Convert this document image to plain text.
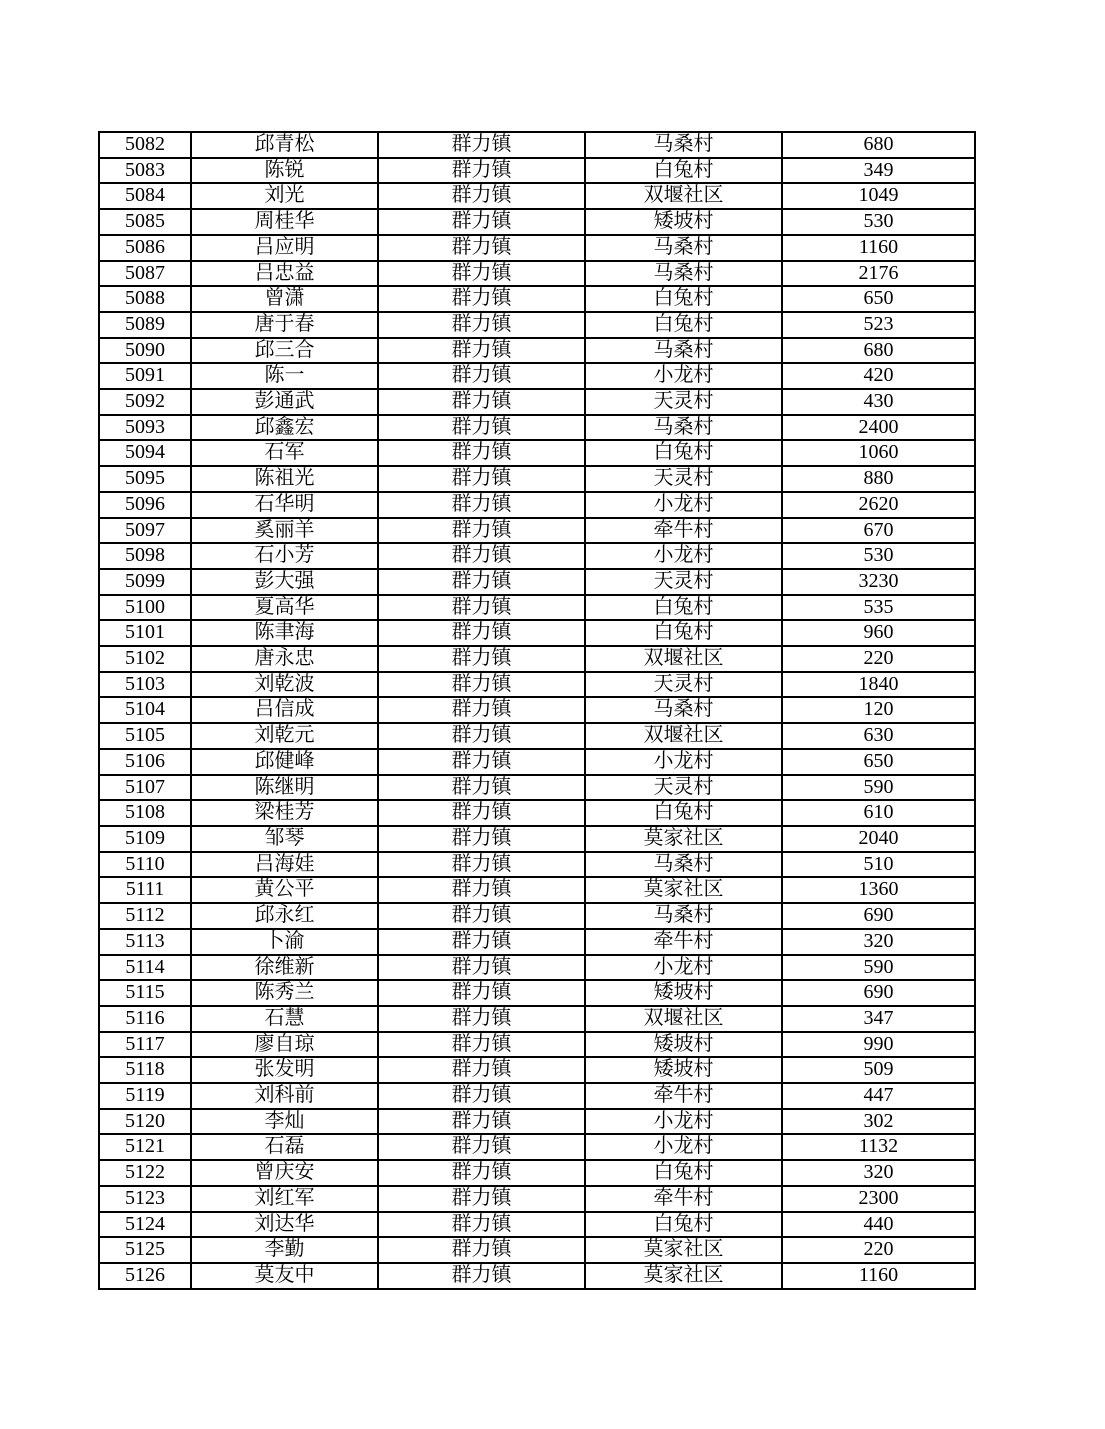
5082	邱青松	群力镇	马桑村	680
5083	陈锐	群力镇	白兔村	349
5084	刘光	群力镇	双堰社区	1049
5085	周桂华	群力镇	矮坡村	530
5086	吕应明	群力镇	马桑村	1160
5087	吕忠益	群力镇	马桑村	2176
5088	曾潇	群力镇	白兔村	650
5089	唐于春	群力镇	白兔村	523
5090	邱三合	群力镇	马桑村	680
5091	陈一	群力镇	小龙村	420
5092	彭通武	群力镇	天灵村	430
5093	邱鑫宏	群力镇	马桑村	2400
5094	石军	群力镇	白兔村	1060
5095	陈祖光	群力镇	天灵村	880
5096	石华明	群力镇	小龙村	2620
5097	奚丽羊	群力镇	牵牛村	670
5098	石小芳	群力镇	小龙村	530
5099	彭大强	群力镇	天灵村	3230
5100	夏高华	群力镇	白兔村	535
5101	陈聿海	群力镇	白兔村	960
5102	唐永忠	群力镇	双堰社区	220
5103	刘乾波	群力镇	天灵村	1840
5104	吕信成	群力镇	马桑村	120
5105	刘乾元	群力镇	双堰社区	630
5106	邱健峰	群力镇	小龙村	650
5107	陈继明	群力镇	天灵村	590
5108	梁桂芳	群力镇	白兔村	610
5109	邹琴	群力镇	莫家社区	2040
5110	吕海娃	群力镇	马桑村	510
5111	黄公平	群力镇	莫家社区	1360
5112	邱永红	群力镇	马桑村	690
5113	卜渝	群力镇	牵牛村	320
5114	徐维新	群力镇	小龙村	590
5115	陈秀兰	群力镇	矮坡村	690
5116	石慧	群力镇	双堰社区	347
5117	廖自琼	群力镇	矮坡村	990
5118	张发明	群力镇	矮坡村	509
5119	刘科前	群力镇	牵牛村	447
5120	李灿	群力镇	小龙村	302
5121	石磊	群力镇	小龙村	1132
5122	曾庆安	群力镇	白兔村	320
5123	刘红军	群力镇	牵牛村	2300
5124	刘达华	群力镇	白兔村	440
5125	李勤	群力镇	莫家社区	220
5126	莫友中	群力镇	莫家社区	1160
